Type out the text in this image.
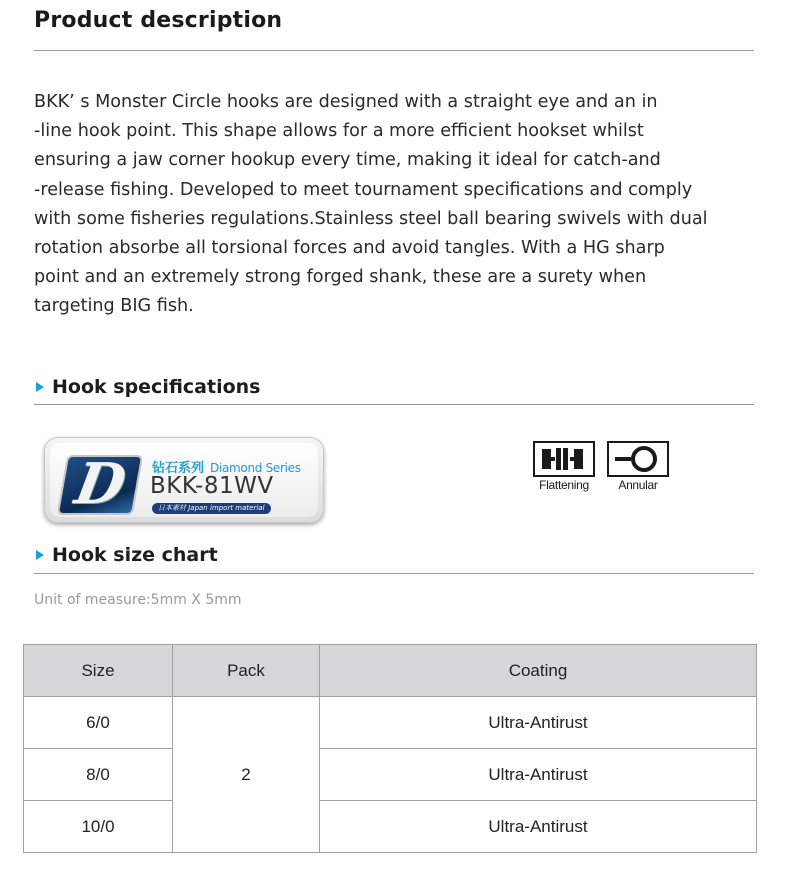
Product description
BKK’ s Monster Circle hooks are designed with a straight eye and an in
-line hook point. This shape allows for a more efficient hookset whilst
ensuring a jaw corner hookup every time, making it ideal for catch-and
-release fishing. Developed to meet tournament specifications and comply
with some fisheries regulations.Stainless steel ball bearing swivels with dual
rotation absorbe all torsional forces and avoid tangles. With a HG sharp
point and an extremely strong forged shank, these are a surety when
targeting BIG fish.
Hook specifications
D 钻石系列 Diamond Series
BKK-81WV
日本素材 Japan import material
Flattening	Annular
Hook size chart
Unit of measure:5mm X 5mm
Size	Pack	Coating
6/0	2	Ultra-Antirust
8/0		Ultra-Antirust
10/0		Ultra-Antirust
